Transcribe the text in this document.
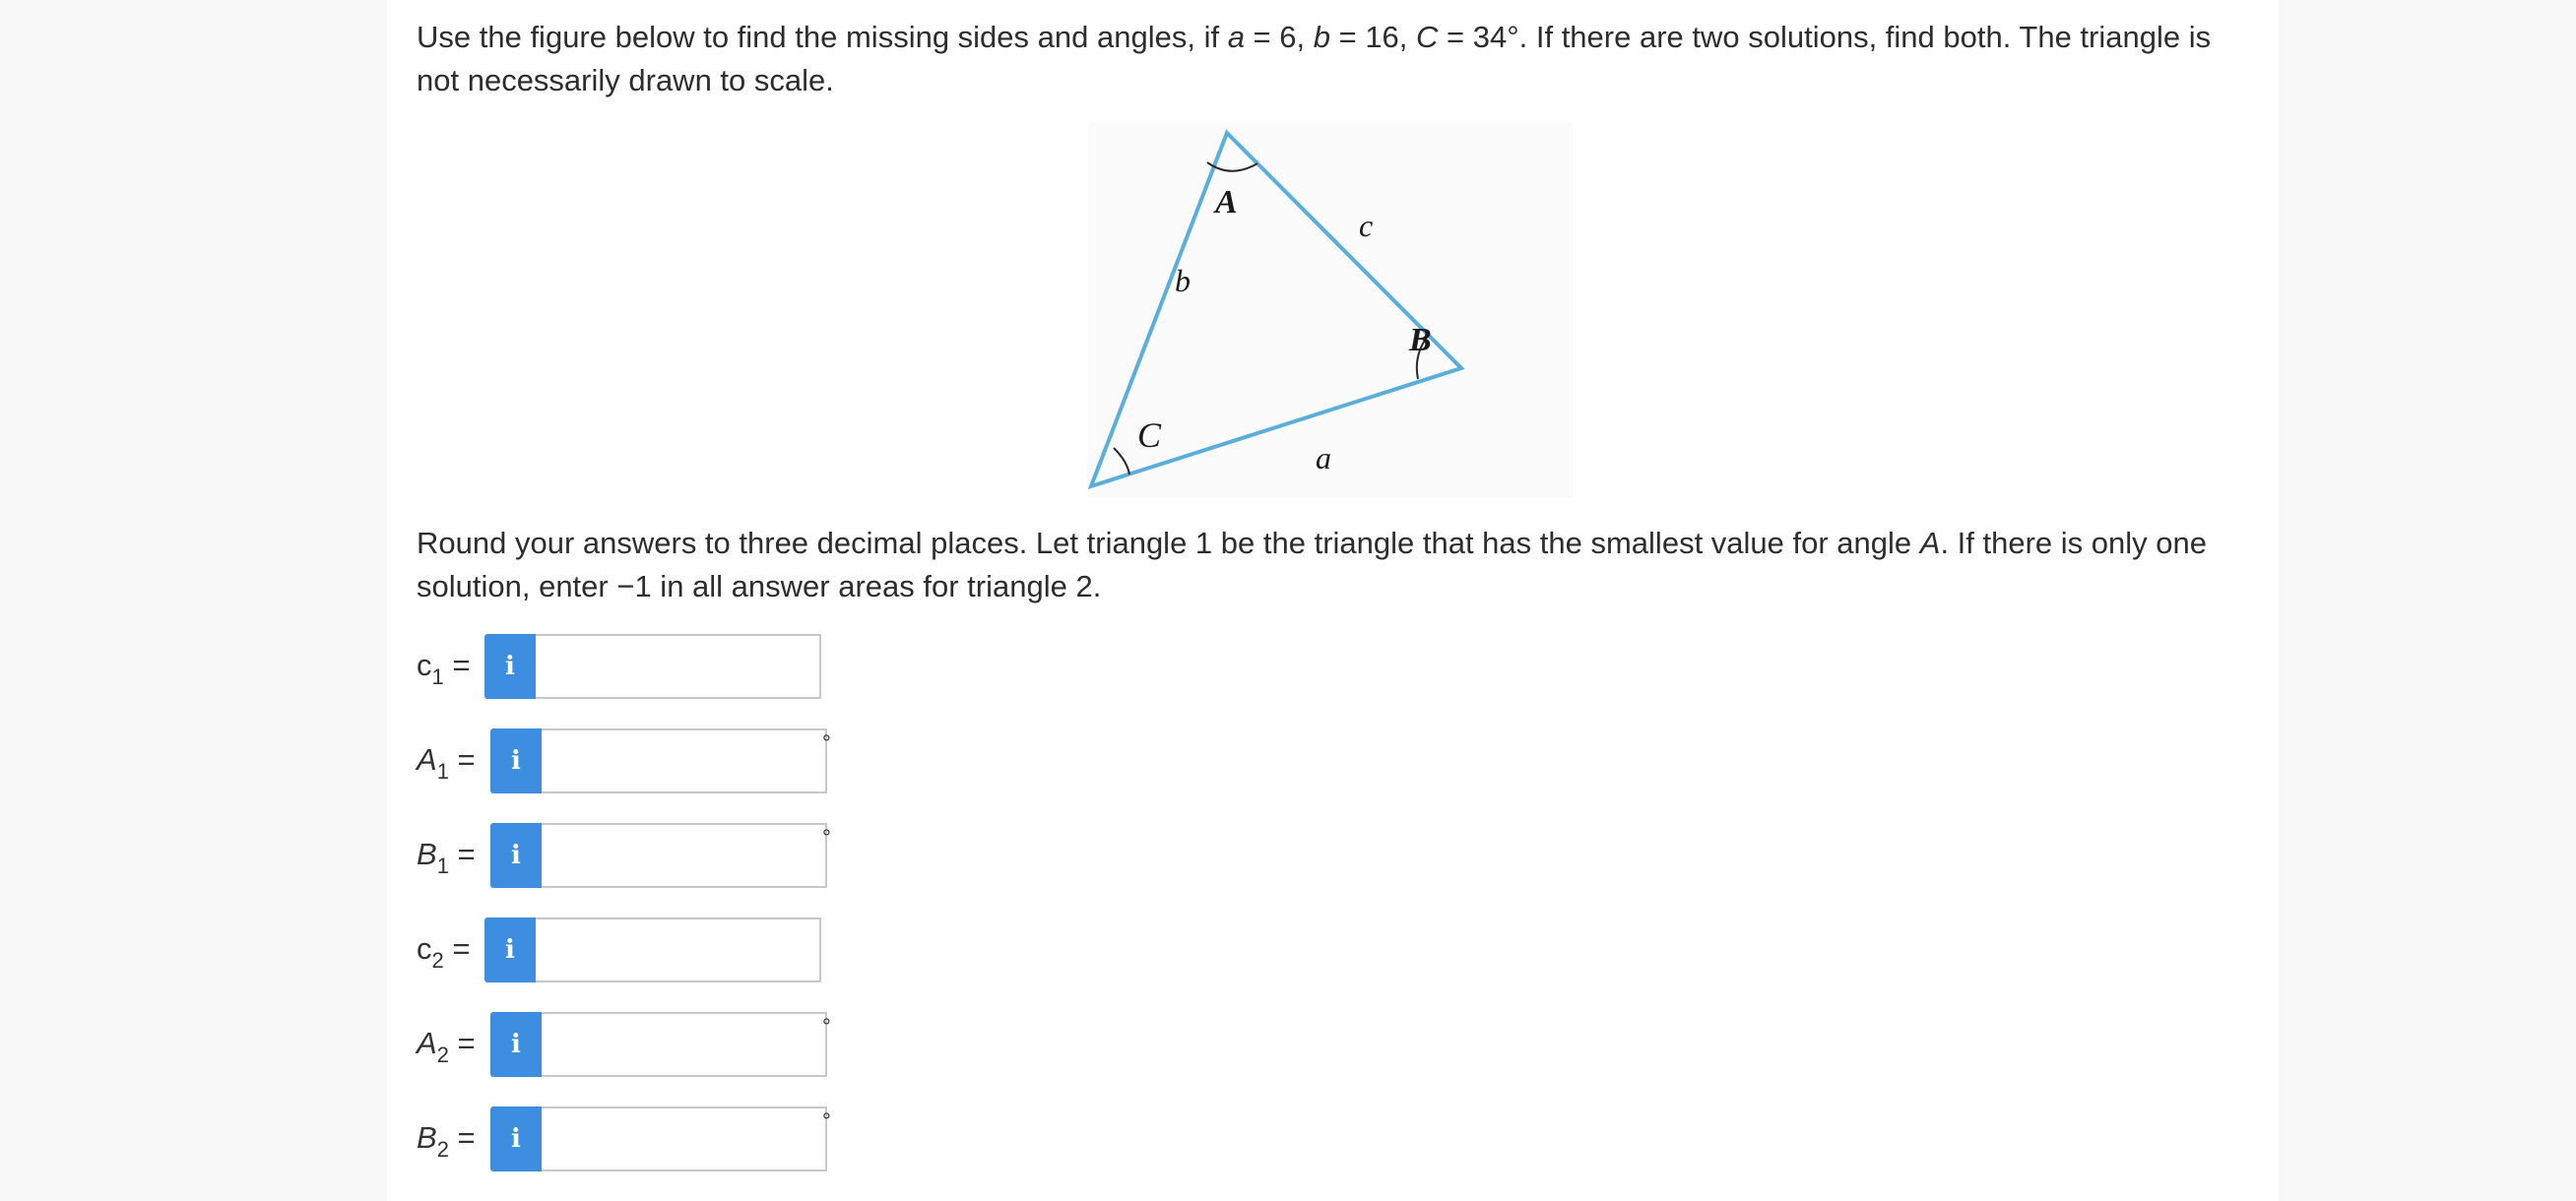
Use the figure below to find the missing sides and angles, if a = 6, b = 16, C = 34°. If there are two solutions, find both. The triangle is not necessarily drawn to scale.
A
B
C
a
b
c
Round your answers to three decimal places. Let triangle 1 be the triangle that has the smallest value for angle A. If there is only one solution, enter −1 in all answer areas for triangle 2.
$c_1$ =	i
$A_1$ =	i
°
$B_1$ =	i
°
$c_2$ =	i
$A_2$ =	i
°
$B_2$ =	i
°
